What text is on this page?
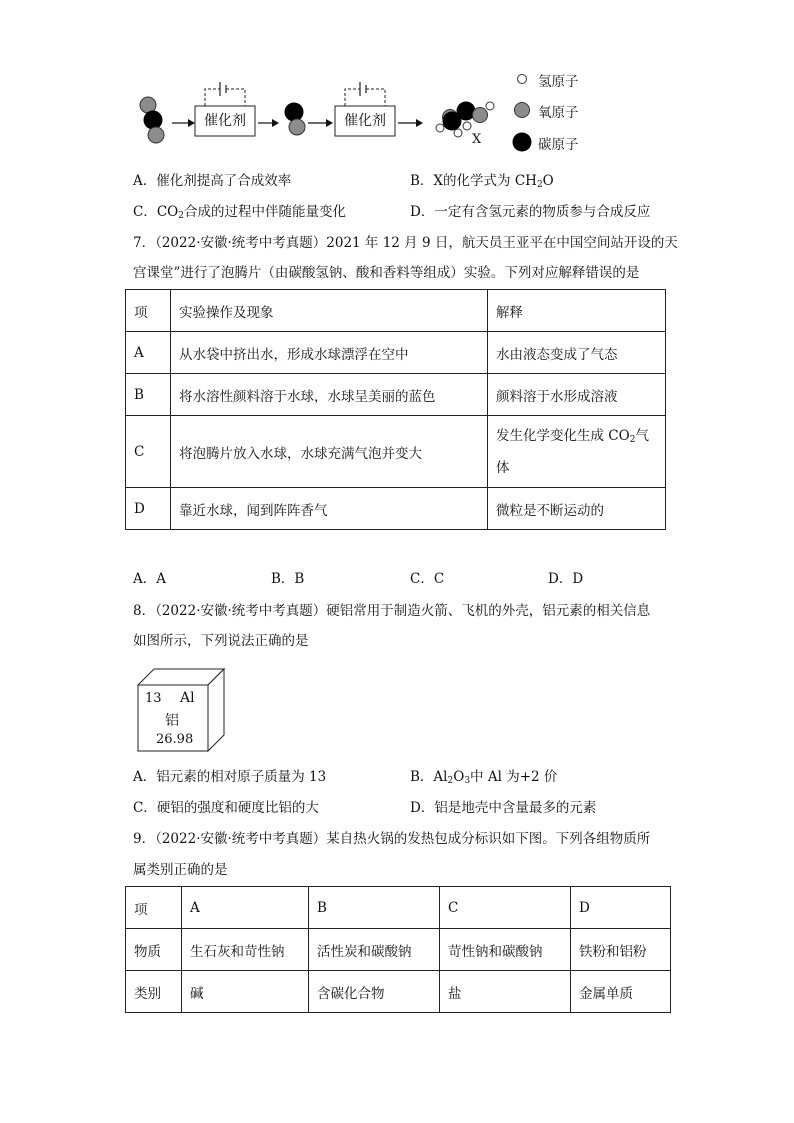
催化剂	催化剂
X
氢原子
氧原子
碳原子
A．催化剂提高了合成效率	B．X的化学式为 $CH_2O$
C．$CO_2$合成的过程中伴随能量变化	D．一定有含氢元素的物质参与合成反应
7．（2022·安徽·统考中考真题）2021 年 12 月 9 日，航天员王亚平在中国空间站开设的天
宫课堂”进行了泡腾片（由碳酸氢钠、酸和香料等组成）实验。下列对应解释错误的是
项	实验操作及现象	解释
A	从水袋中挤出水，形成水球漂浮在空中	水由液态变成了气态
B	将水溶性颜料溶于水球，水球呈美丽的蓝色	颜料溶于水形成溶液
C	将泡腾片放入水球，水球充满气泡并变大	发生化学变化生成 $CO_2$气
体
D	靠近水球，闻到阵阵香气	微粒是不断运动的
A．A	B．B	C．C	D．D
8．（2022·安徽·统考中考真题）硬铝常用于制造火箭、飞机的外壳，铝元素的相关信息
如图所示，下列说法正确的是
13 Al
铝
26.98
A．铝元素的相对原子质量为 13	B．$Al_2O_3$中 Al 为+2 价
C．硬铝的强度和硬度比铝的大	D．铝是地壳中含量最多的元素
9．（2022·安徽·统考中考真题）某自热火锅的发热包成分标识如下图。下列各组物质所
属类别正确的是
项	A	B	C	D
物质	生石灰和苛性钠	活性炭和碳酸钠	苛性钠和碳酸钠	铁粉和铝粉
类别	碱	含碳化合物	盐	金属单质
